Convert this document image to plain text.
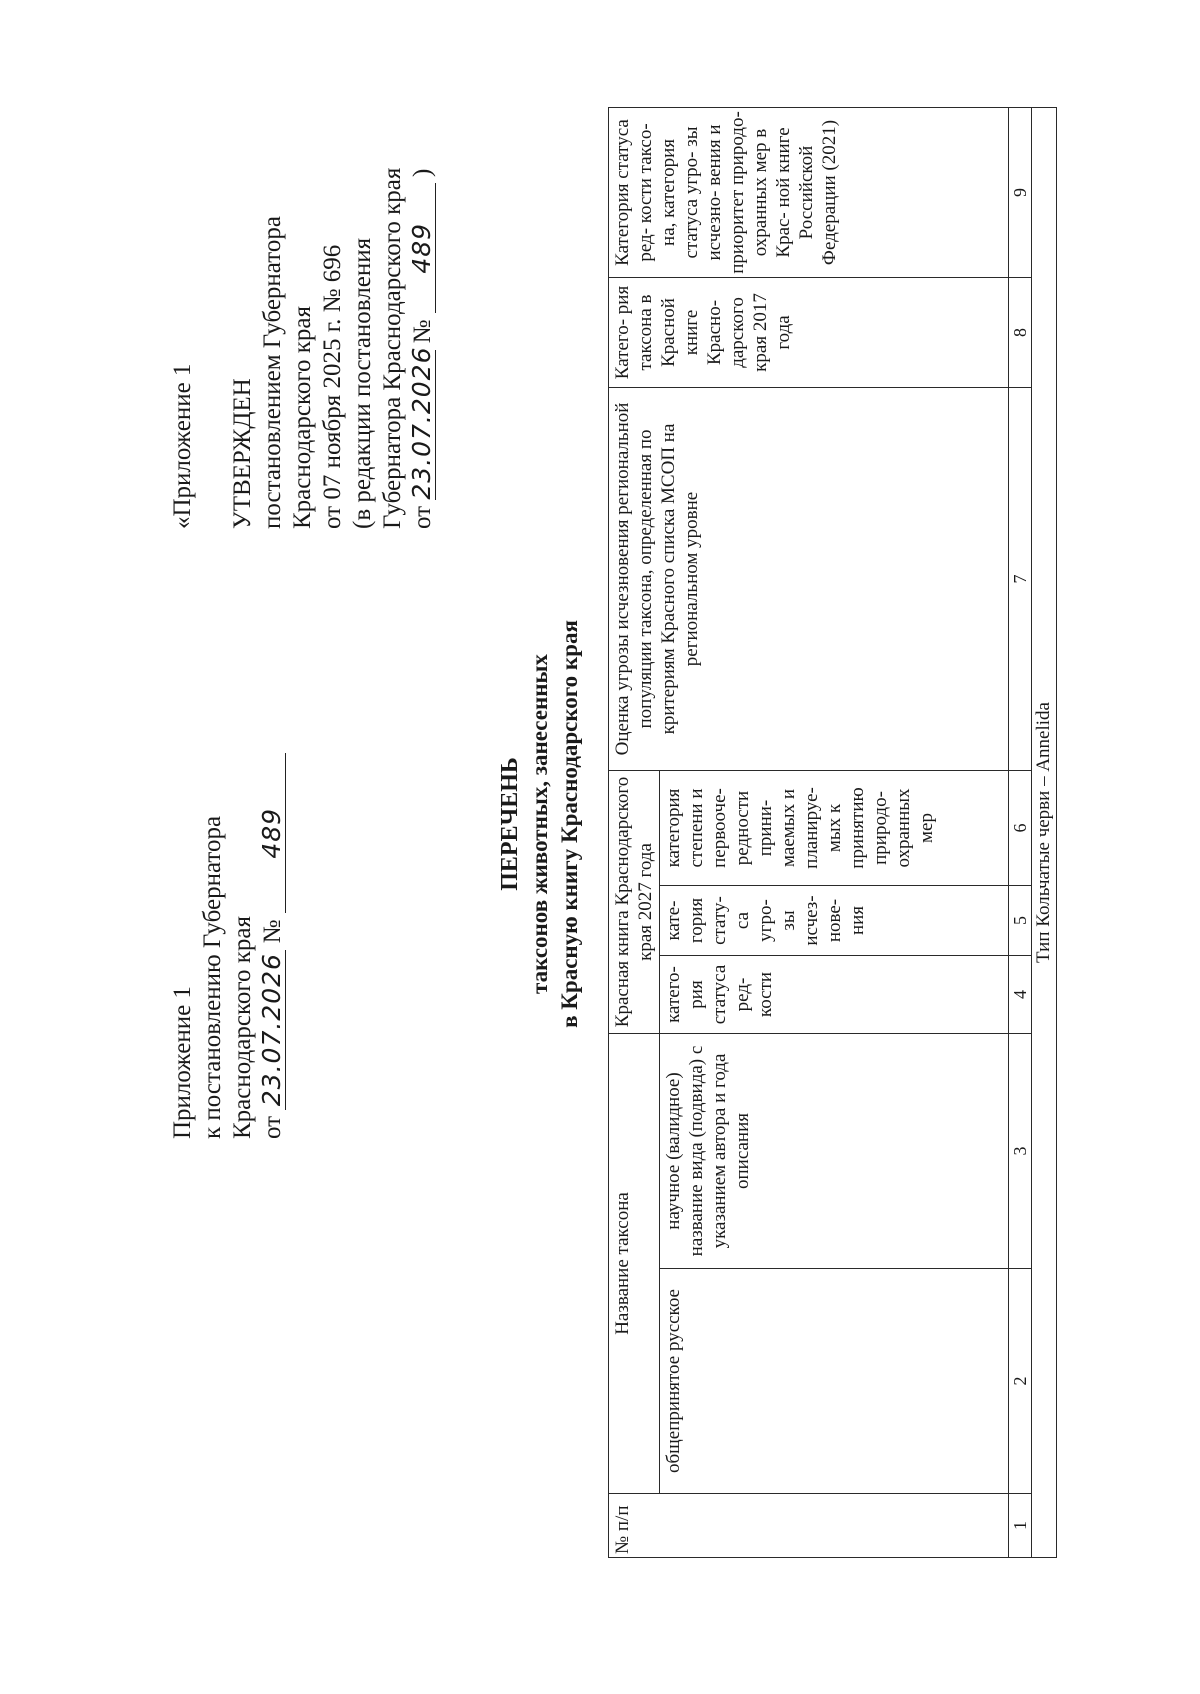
Приложение 1 к постановлению Губернатора Краснодарского края от 23.07.2026 № 489
«Приложение 1 УТВЕРЖДЕН постановлением Губернатора Краснодарского края от 07 ноября 2025 г. № 696 (в редакции постановления Губернатора Краснодарского края от 23.07.2026 № 489 )
ПЕРЕЧЕНЬ таксонов животных, занесенных в Красную книгу Краснодарского края
№ п/п	Название таксона		Красная книга Краснодарского края 2027 года			Оценка угрозы исчезновения региональной популяции таксона, определенная по критериям Красного списка МСОП на региональном уровне	Катего- рия таксона в Красной книге Красно- дарского края 2017 года	Категория статуса ред- кости таксо- на, категория статуса угро- зы исчезно- вения и приоритет природо- охранных мер в Крас- ной книге Российской Федерации (2021)
	общепринятое русское	научное (валидное) название вида (подвида) с указанием автора и года описания	катего- рия статуса ред- кости	кате- гория стату- са угро- зы исчез- нове- ния	категория степени и первооче- редности прини- маемых и планируе- мых к принятию природо- охранных мер			
1	2	3	4	5	6	7	8	9
Тип Кольчатые черви – Annelida								
